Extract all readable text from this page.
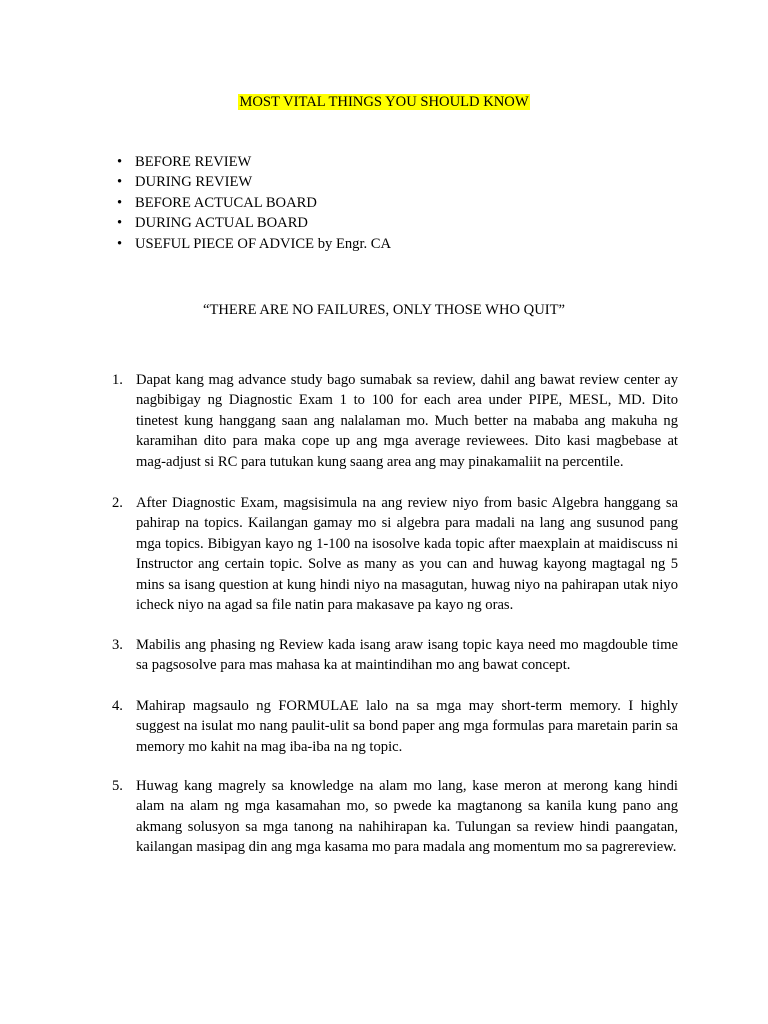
MOST VITAL THINGS YOU SHOULD KNOW
• BEFORE REVIEW
• DURING REVIEW
• BEFORE ACTUCAL BOARD
• DURING ACTUAL BOARD
• USEFUL PIECE OF ADVICE by Engr. CA
“THERE ARE NO FAILURES, ONLY THOSE WHO QUIT”
1. Dapat kang mag advance study bago sumabak sa review, dahil ang bawat review center ay nagbibigay ng Diagnostic Exam 1 to 100 for each area under PIPE, MESL, MD. Dito tinetest kung hanggang saan ang nalalaman mo. Much better na mababa ang makuha ng karamihan dito para maka cope up ang mga average reviewees. Dito kasi magbebase at mag-adjust si RC para tutukan kung saang area ang may pinakamaliit na percentile.
2. After Diagnostic Exam, magsisimula na ang review niyo from basic Algebra hanggang sa pahirap na topics. Kailangan gamay mo si algebra para madali na lang ang susunod pang mga topics. Bibigyan kayo ng 1-100 na isosolve kada topic after maexplain at maidiscuss ni Instructor ang certain topic. Solve as many as you can and huwag kayong magtagal ng 5 mins sa isang question at kung hindi niyo na masagutan, huwag niyo na pahirapan utak niyo icheck niyo na agad sa file natin para makasave pa kayo ng oras.
3. Mabilis ang phasing ng Review kada isang araw isang topic kaya need mo magdouble time sa pagsosolve para mas mahasa ka at maintindihan mo ang bawat concept.
4. Mahirap magsaulo ng FORMULAE lalo na sa mga may short-term memory. I highly suggest na isulat mo nang paulit-ulit sa bond paper ang mga formulas para maretain parin sa memory mo kahit na mag iba-iba na ng topic.
5. Huwag kang magrely sa knowledge na alam mo lang, kase meron at merong kang hindi alam na alam ng mga kasamahan mo, so pwede ka magtanong sa kanila kung pano ang akmang solusyon sa mga tanong na nahihirapan ka. Tulungan sa review hindi paangatan, kailangan masipag din ang mga kasama mo para madala ang momentum mo sa pagrereview.
